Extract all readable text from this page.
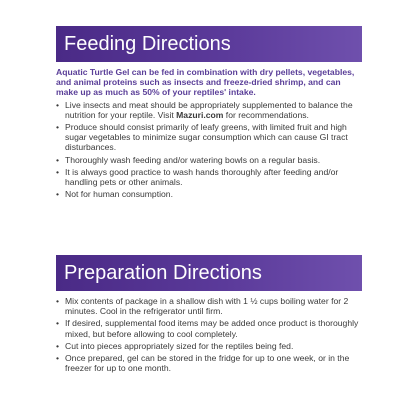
Feeding Directions

Aquatic Turtle Gel can be fed in combination with dry pellets, vegetables, and animal proteins such as insects and freeze-dried shrimp, and can make up as much as 50% of your reptiles' intake.

• Live insects and meat should be appropriately supplemented to balance the nutrition for your reptile. Visit Mazuri.com for recommendations.
• Produce should consist primarily of leafy greens, with limited fruit and high sugar vegetables to minimize sugar consumption which can cause GI tract disturbances.
• Thoroughly wash feeding and/or watering bowls on a regular basis.
• It is always good practice to wash hands thoroughly after feeding and/or handling pets or other animals.
• Not for human consumption.
Preparation Directions
• Mix contents of package in a shallow dish with 1 ½ cups boiling water for 2 minutes. Cool in the refrigerator until firm.
• If desired, supplemental food items may be added once product is thoroughly mixed, but before allowing to cool completely.
• Cut into pieces appropriately sized for the reptiles being fed.
• Once prepared, gel can be stored in the fridge for up to one week, or in the freezer for up to one month.
